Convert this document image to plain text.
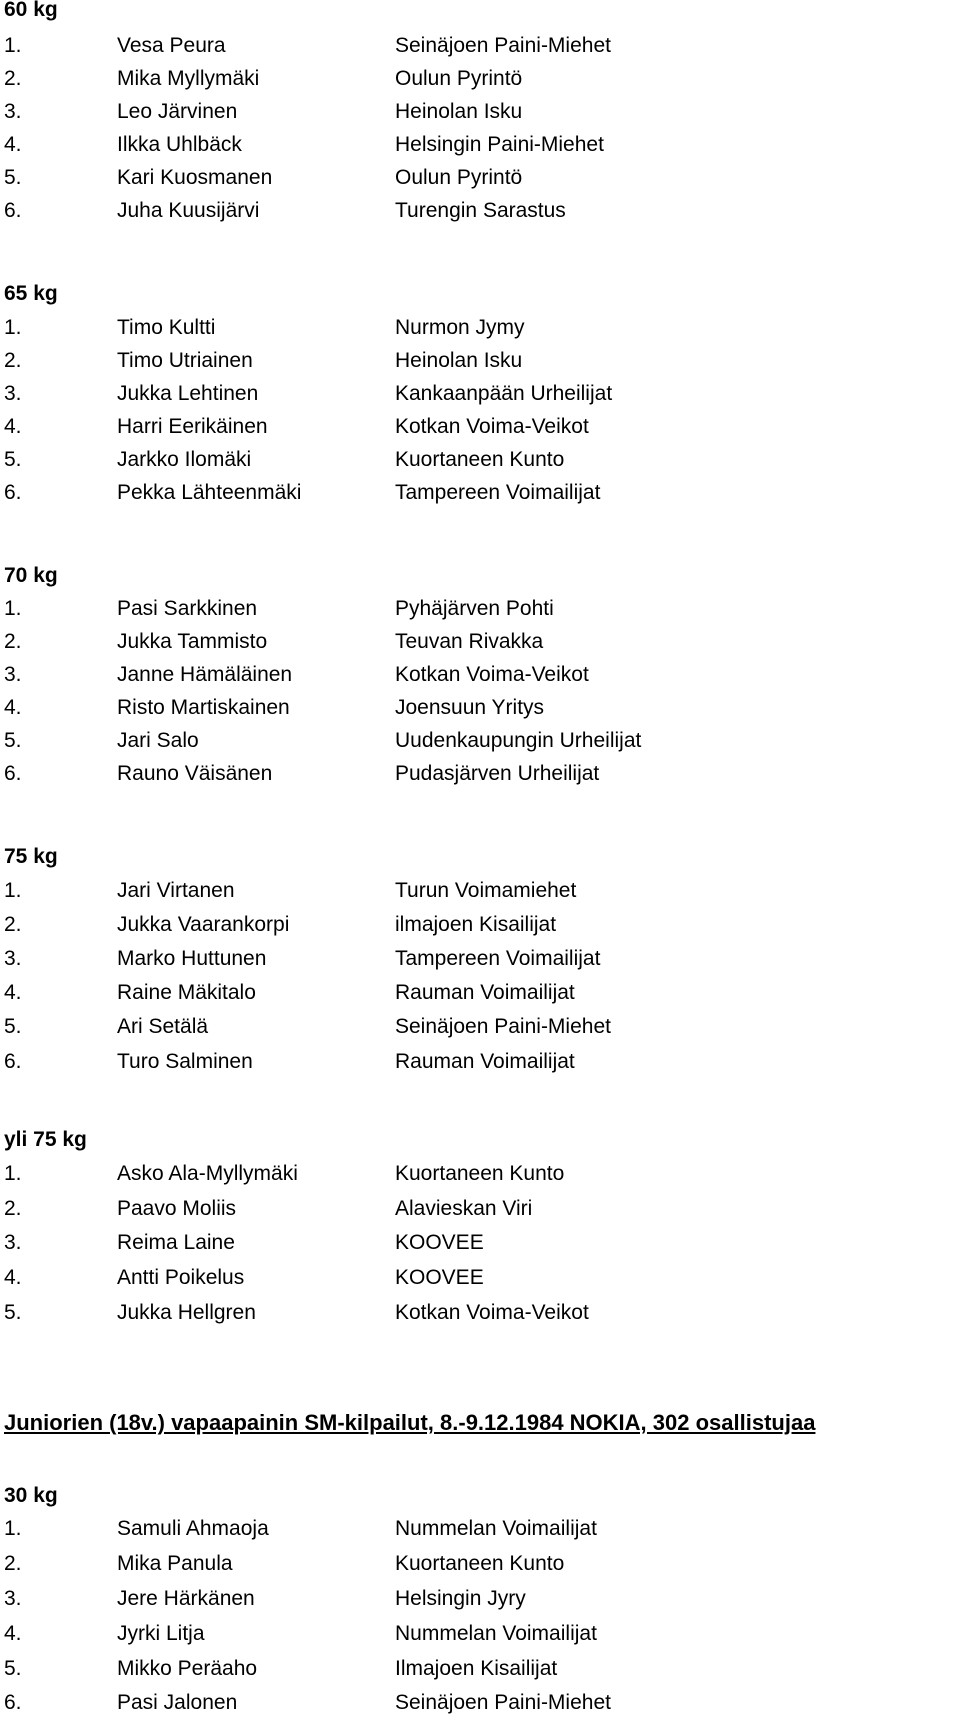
60 kg
1.	Vesa Peura	Seinäjoen Paini-Miehet
2.	Mika Myllymäki	Oulun Pyrintö
3.	Leo Järvinen	Heinolan Isku
4.	Ilkka Uhlbäck	Helsingin Paini-Miehet
5.	Kari Kuosmanen	Oulun Pyrintö
6.	Juha Kuusijärvi	Turengin Sarastus
65 kg
1.	Timo Kultti	Nurmon Jymy
2.	Timo Utriainen	Heinolan Isku
3.	Jukka Lehtinen	Kankaanpään Urheilijat
4.	Harri Eerikäinen	Kotkan Voima-Veikot
5.	Jarkko Ilomäki	Kuortaneen Kunto
6.	Pekka Lähteenmäki	Tampereen Voimailijat
70 kg
1.	Pasi Sarkkinen	Pyhäjärven Pohti
2.	Jukka Tammisto	Teuvan Rivakka
3.	Janne Hämäläinen	Kotkan Voima-Veikot
4.	Risto Martiskainen	Joensuun Yritys
5.	Jari Salo	Uudenkaupungin Urheilijat
6.	Rauno Väisänen	Pudasjärven Urheilijat
75 kg
1.	Jari Virtanen	Turun Voimamiehet
2.	Jukka Vaarankorpi	ilmajoen Kisailijat
3.	Marko Huttunen	Tampereen Voimailijat
4.	Raine Mäkitalo	Rauman Voimailijat
5.	Ari Setälä	Seinäjoen Paini-Miehet
6.	Turo Salminen	Rauman Voimailijat
yli 75 kg
1.	Asko Ala-Myllymäki	Kuortaneen Kunto
2.	Paavo Moliis	Alavieskan Viri
3.	Reima Laine	KOOVEE
4.	Antti Poikelus	KOOVEE
5.	Jukka Hellgren	Kotkan Voima-Veikot
Juniorien (18v.) vapaapainin SM-kilpailut, 8.-9.12.1984 NOKIA, 302 osallistujaa
30 kg
1.	Samuli Ahmaoja	Nummelan Voimailijat
2.	Mika Panula	Kuortaneen Kunto
3.	Jere Härkänen	Helsingin Jyry
4.	Jyrki Litja	Nummelan Voimailijat
5.	Mikko Peräaho	Ilmajoen Kisailijat
6.	Pasi Jalonen	Seinäjoen Paini-Miehet
